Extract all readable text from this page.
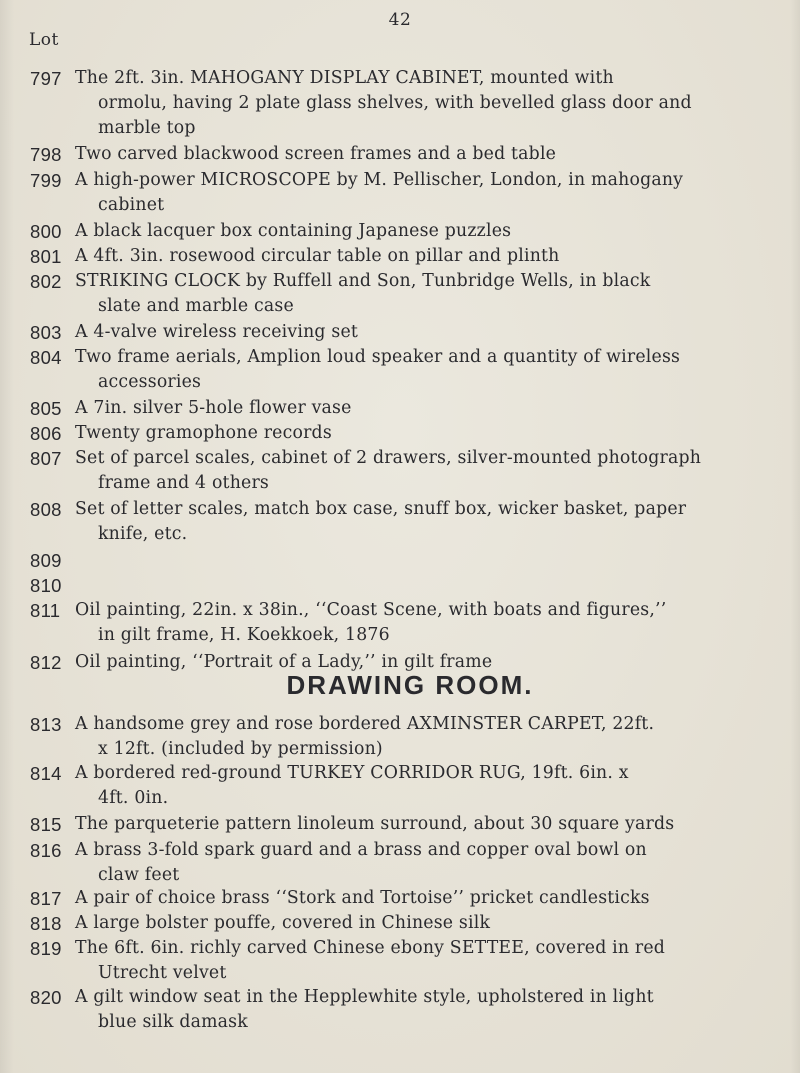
42
Lot
797 The 2ft. 3in. MAHOGANY DISPLAY CABINET, mounted with
ormolu, having 2 plate glass shelves, with bevelled glass door and
marble top
798 Two carved blackwood screen frames and a bed table
799 A high-power MICROSCOPE by M. Pellischer, London, in mahogany
cabinet
800 A black lacquer box containing Japanese puzzles
801 A 4ft. 3in. rosewood circular table on pillar and plinth
802 STRIKING CLOCK by Ruffell and Son, Tunbridge Wells, in black
slate and marble case
803 A 4-valve wireless receiving set
804 Two frame aerials, Amplion loud speaker and a quantity of wireless
accessories
805 A 7in. silver 5-hole flower vase
806 Twenty gramophone records
807 Set of parcel scales, cabinet of 2 drawers, silver-mounted photograph
frame and 4 others
808 Set of letter scales, match box case, snuff box, wicker basket, paper
knife, etc.
809
810
811 Oil painting, 22in. x 38in., ‘‘Coast Scene, with boats and figures,’’
in gilt frame, H. Koekkoek, 1876
812 Oil painting, ‘‘Portrait of a Lady,’’ in gilt frame
DRAWING ROOM.
813 A handsome grey and rose bordered AXMINSTER CARPET, 22ft.
x 12ft. (included by permission)
814 A bordered red-ground TURKEY CORRIDOR RUG, 19ft. 6in. x
4ft. 0in.
815 The parqueterie pattern linoleum surround, about 30 square yards
816 A brass 3-fold spark guard and a brass and copper oval bowl on
claw feet
817 A pair of choice brass ‘‘Stork and Tortoise’’ pricket candlesticks
818 A large bolster pouffe, covered in Chinese silk
819 The 6ft. 6in. richly carved Chinese ebony SETTEE, covered in red
Utrecht velvet
820 A gilt window seat in the Hepplewhite style, upholstered in light
blue silk damask
